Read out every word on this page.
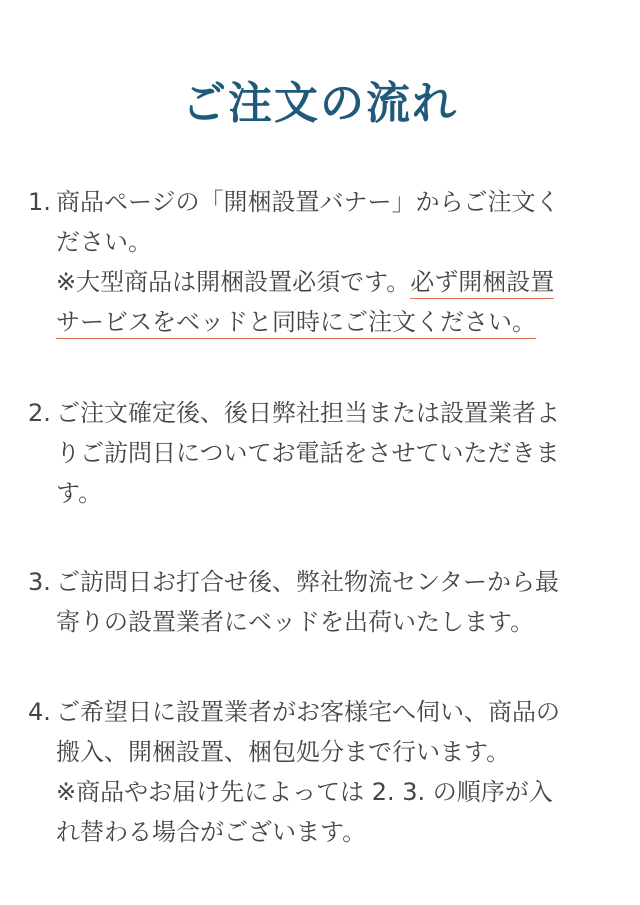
ご注文の流れ
1. 商品ページの「開梱設置バナー」からご注文く
ださい。
※大型商品は開梱設置必須です。必ず開梱設置
サービスをベッドと同時にご注文ください。
2. ご注文確定後、後日弊社担当または設置業者よ
りご訪問日についてお電話をさせていただきま
す。
3. ご訪問日お打合せ後、弊社物流センターから最
寄りの設置業者にベッドを出荷いたします。
4. ご希望日に設置業者がお客様宅へ伺い、商品の
搬入、開梱設置、梱包処分まで行います。
※商品やお届け先によっては 2. 3. の順序が入
れ替わる場合がございます。
